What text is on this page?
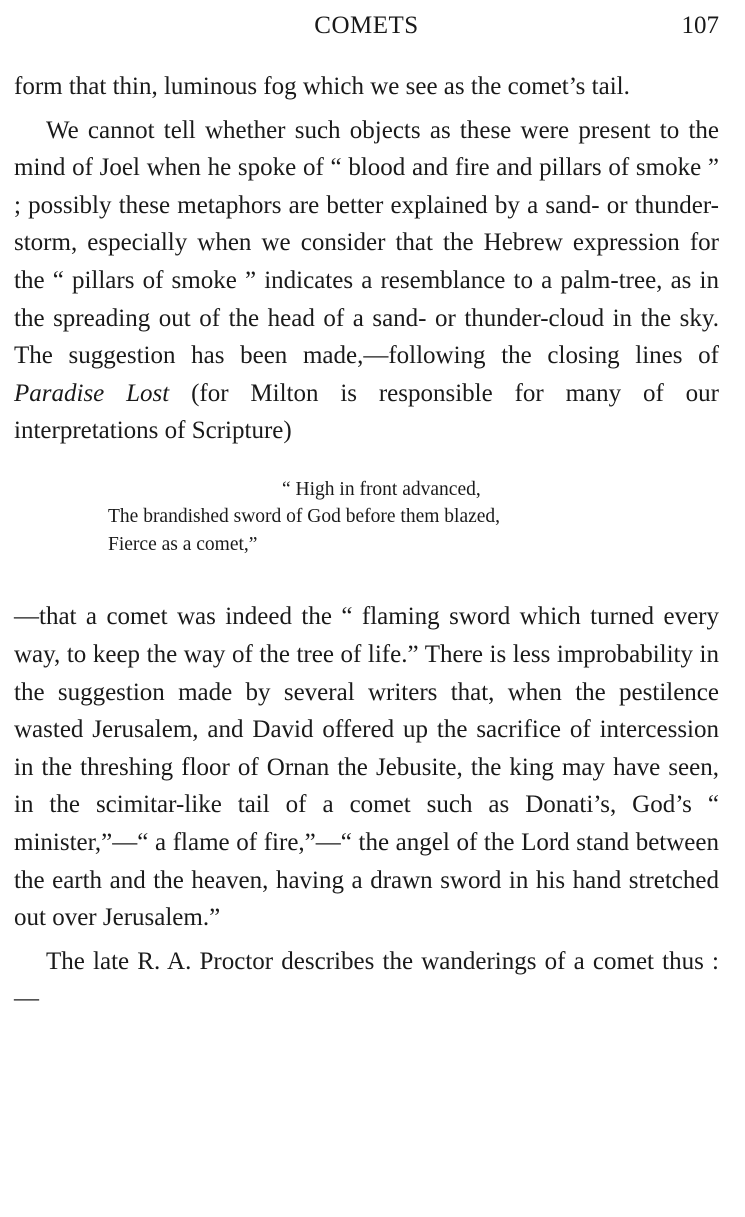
COMETS	107

form that thin, luminous fog which we see as the comet’s tail.

We cannot tell whether such objects as these were present to the mind of Joel when he spoke of “ blood and fire and pillars of smoke ” ; possibly these metaphors are better explained by a sand- or thunder-storm, especially when we consider that the Hebrew expression for the “ pillars of smoke ” indicates a resemblance to a palm-tree, as in the spreading out of the head of a sand- or thunder-cloud in the sky. The suggestion has been made,—following the closing lines of Paradise Lost (for Milton is responsible for many of our interpretations of Scripture)

“ High in front advanced,
The brandished sword of God before them blazed,
Fierce as a comet,”

—that a comet was indeed the “ flaming sword which turned every way, to keep the way of the tree of life.” There is less improbability in the suggestion made by several writers that, when the pestilence wasted Jerusalem, and David offered up the sacrifice of intercession in the threshing floor of Ornan the Jebusite, the king may have seen, in the scimitar-like tail of a comet such as Donati’s, God’s “ minister,”—“ a flame of fire,”—“ the angel of the Lord stand between the earth and the heaven, having a drawn sword in his hand stretched out over Jerusalem.”

The late R. A. Proctor describes the wanderings of a comet thus :—
